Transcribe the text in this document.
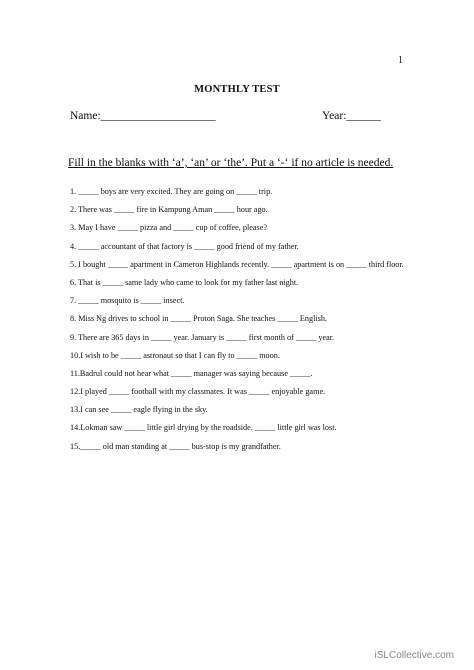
1
MONTHLY TEST
Name:____________________	Year:______
Fill in the blanks with ‘a’, ‘an’ or ‘the’. Put a ‘-‘ if no article is needed.
1. _____ boys are very excited. They are going on _____ trip.
2. There was _____ fire in Kampung Aman _____ hour ago.
3. May I have _____ pizza and _____ cup of coffee, please?
4. _____ accountant of that factory is _____ good friend of my father.
5. I bought _____ apartment in Cameron Highlands recently. _____ apartment is on _____ third floor.
6. That is _____ same lady who came to look for my father last night.
7. _____ mosquito is _____ insect.
8. Miss Ng drives to school in _____ Proton Saga. She teaches _____ English.
9. There are 365 days in _____ year. January is _____ first month of _____ year.
10.I wish to be _____ astronaut so that I can fly to _____ moon.
11.Badrul could not hear what _____ manager was saying because _____.
12.I played _____ football with my classmates. It was _____ enjoyable game.
13.I can see _____ eagle flying in the sky.
14.Lokman saw _____ little girl drying by the roadside. _____ little girl was lost.
15._____ old man standing at _____ bus-stop is my grandfather.
iSLCollective.com
